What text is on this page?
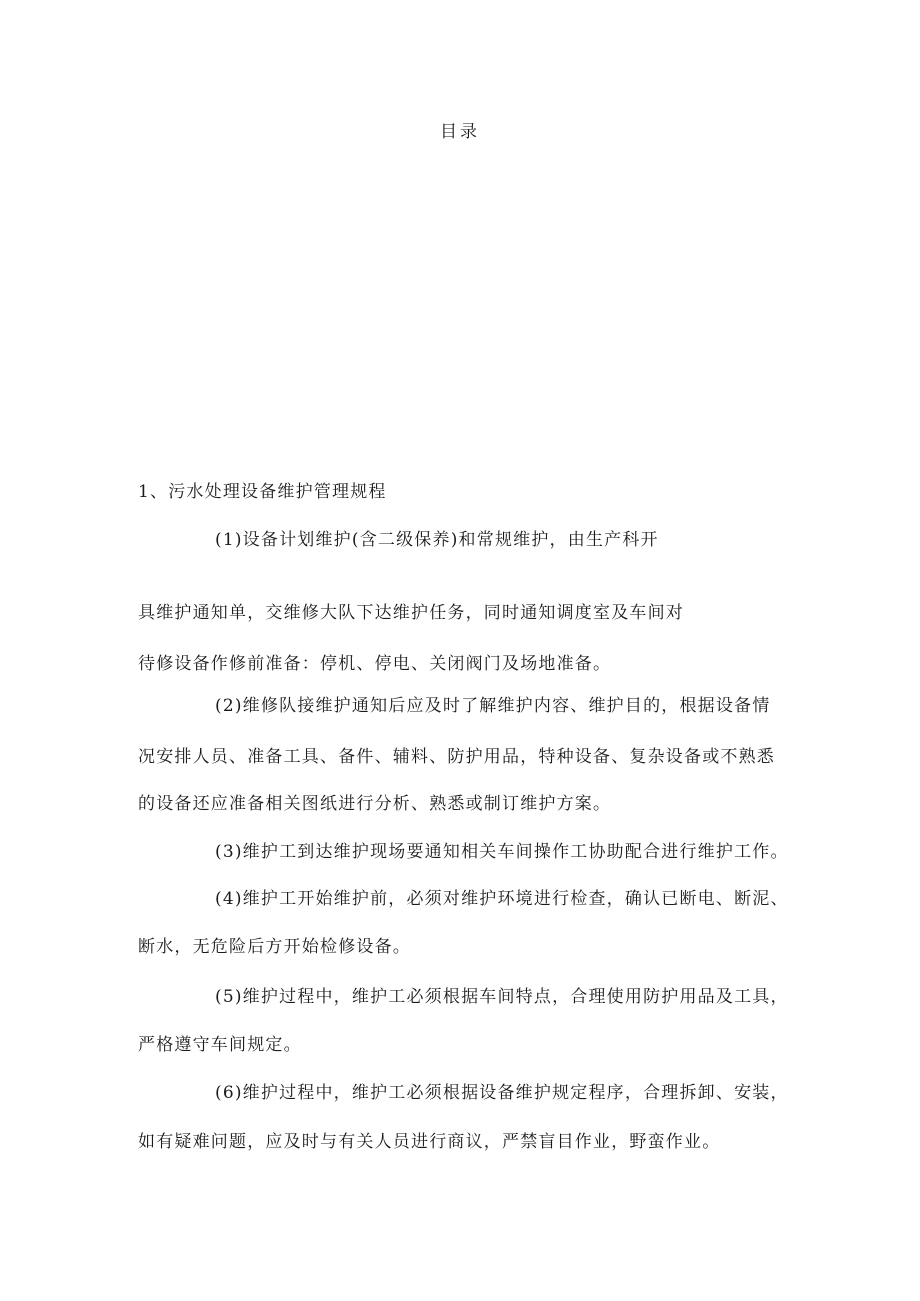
目录
1、污水处理设备维护管理规程
(1)设备计划维护(含二级保养)和常规维护，由生产科开
具维护通知单，交维修大队下达维护任务，同时通知调度室及车间对
待修设备作修前准备：停机、停电、关闭阀门及场地准备。
(2)维修队接维护通知后应及时了解维护内容、维护目的，根据设备情
况安排人员、准备工具、备件、辅料、防护用品，特种设备、复杂设备或不熟悉
的设备还应准备相关图纸进行分析、熟悉或制订维护方案。
(3)维护工到达维护现场要通知相关车间操作工协助配合进行维护工作。
(4)维护工开始维护前，必须对维护环境进行检查，确认已断电、断泥、
断水，无危险后方开始检修设备。
(5)维护过程中，维护工必须根据车间特点，合理使用防护用品及工具，
严格遵守车间规定。
(6)维护过程中，维护工必须根据设备维护规定程序，合理拆卸、安装，
如有疑难问题，应及时与有关人员进行商议，严禁盲目作业，野蛮作业。
